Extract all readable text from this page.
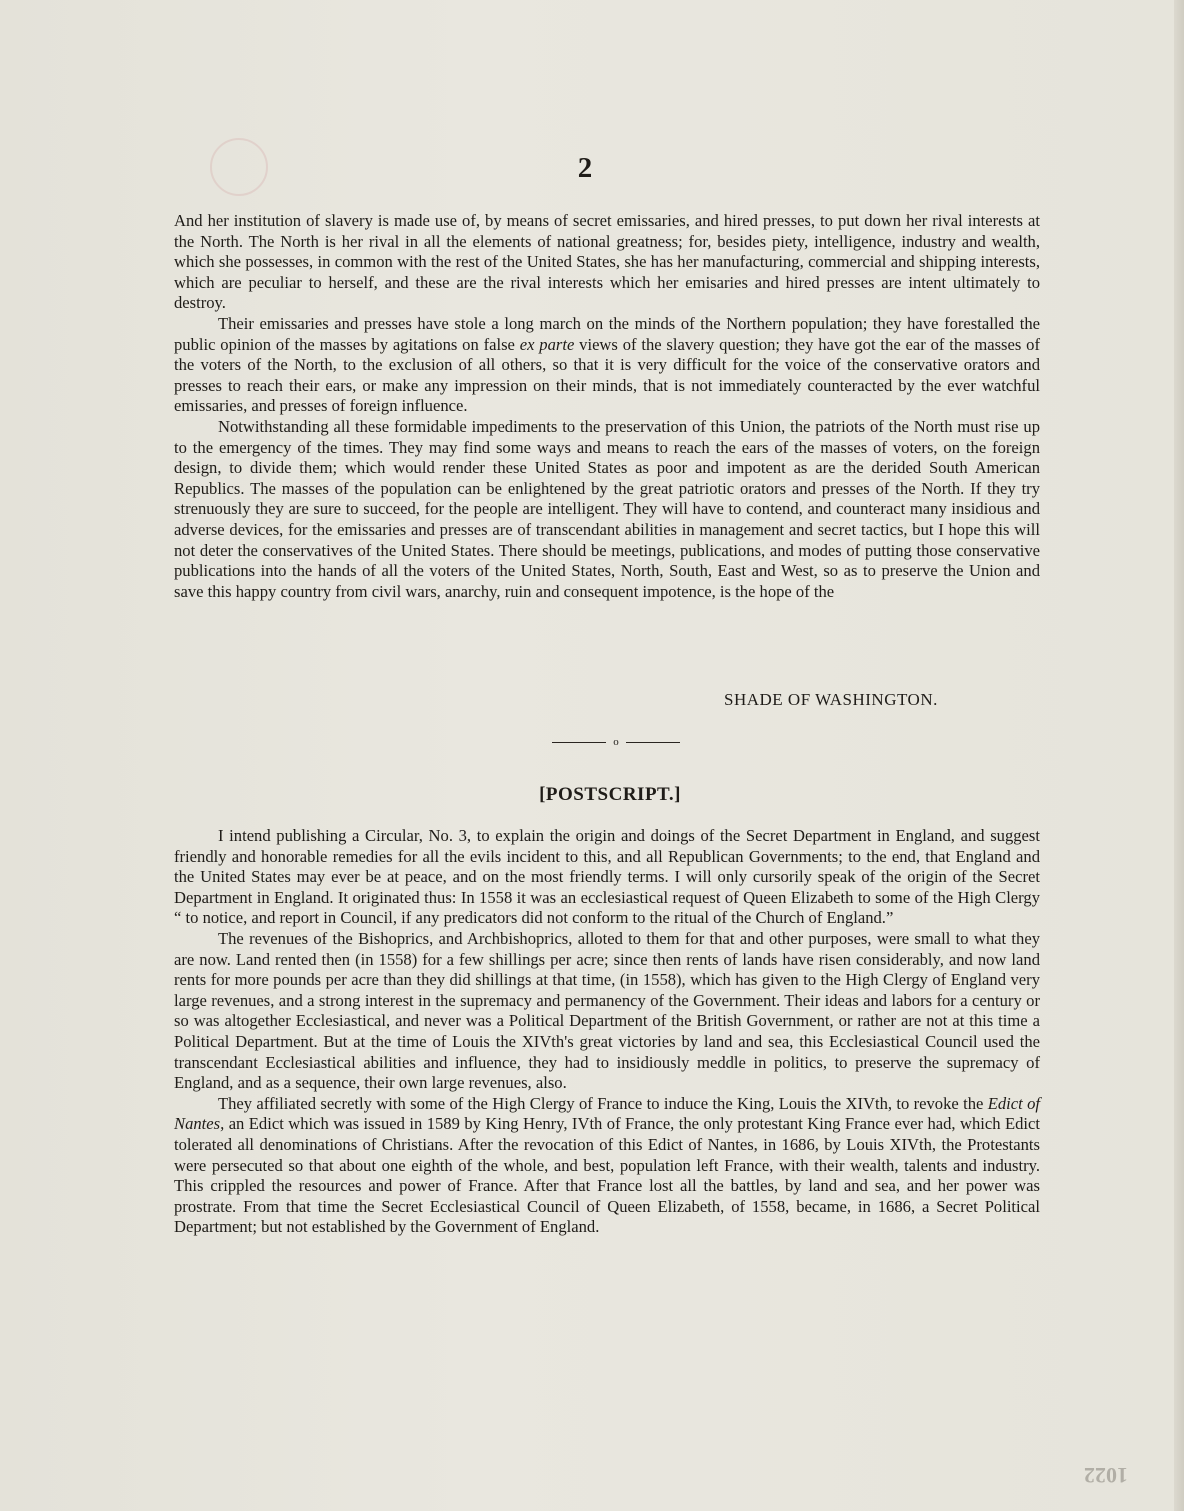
2

And her institution of slavery is made use of, by means of secret emissaries, and hired presses, to put down her rival interests at the North. The North is her rival in all the elements of national greatness; for, besides piety, intelligence, industry and wealth, which she possesses, in common with the rest of the United States, she has her manufacturing, commercial and shipping interests, which are peculiar to herself, and these are the rival interests which her emisaries and hired presses are intent ultimately to destroy.

Their emissaries and presses have stole a long march on the minds of the Northern population; they have forestalled the public opinion of the masses by agitations on false ex parte views of the slavery question; they have got the ear of the masses of the voters of the North, to the exclusion of all others, so that it is very difficult for the voice of the conservative orators and presses to reach their ears, or make any impression on their minds, that is not immediately counteracted by the ever watchful emissaries, and presses of foreign influence.

Notwithstanding all these formidable impediments to the preservation of this Union, the patriots of the North must rise up to the emergency of the times. They may find some ways and means to reach the ears of the masses of voters, on the foreign design, to divide them; which would render these United States as poor and impotent as are the derided South American Republics. The masses of the population can be enlightened by the great patriotic orators and presses of the North. If they try strenuously they are sure to succeed, for the people are intelligent. They will have to contend, and counteract many insidious and adverse devices, for the emissaries and presses are of transcendant abilities in management and secret tactics, but I hope this will not deter the conservatives of the United States. There should be meetings, publications, and modes of putting those conservative publications into the hands of all the voters of the United States, North, South, East and West, so as to preserve the Union and save this happy country from civil wars, anarchy, ruin and consequent impotence, is the hope of the

SHADE OF WASHINGTON.
o
[POSTSCRIPT.]

I intend publishing a Circular, No. 3, to explain the origin and doings of the Secret Department in England, and suggest friendly and honorable remedies for all the evils incident to this, and all Republican Governments; to the end, that England and the United States may ever be at peace, and on the most friendly terms. I will only cursorily speak of the origin of the Secret Department in England. It originated thus: In 1558 it was an ecclesiastical request of Queen Elizabeth to some of the High Clergy “ to notice, and report in Council, if any predicators did not conform to the ritual of the Church of England.”

The revenues of the Bishoprics, and Archbishoprics, alloted to them for that and other purposes, were small to what they are now. Land rented then (in 1558) for a few shillings per acre; since then rents of lands have risen considerably, and now land rents for more pounds per acre than they did shillings at that time, (in 1558), which has given to the High Clergy of England very large revenues, and a strong interest in the supremacy and permanency of the Government. Their ideas and labors for a century or so was altogether Ecclesiastical, and never was a Political Department of the British Government, or rather are not at this time a Political Department. But at the time of Louis the XIVth's great victories by land and sea, this Ecclesiastical Council used the transcendant Ecclesiastical abilities and influence, they had to insidiously meddle in politics, to preserve the supremacy of England, and as a sequence, their own large revenues, also.

They affiliated secretly with some of the High Clergy of France to induce the King, Louis the XIVth, to revoke the Edict of Nantes, an Edict which was issued in 1589 by King Henry, IVth of France, the only protestant King France ever had, which Edict tolerated all denominations of Christians. After the revocation of this Edict of Nantes, in 1686, by Louis XIVth, the Protestants were persecuted so that about one eighth of the whole, and best, population left France, with their wealth, talents and industry. This crippled the resources and power of France. After that France lost all the battles, by land and sea, and her power was prostrate. From that time the Secret Ecclesiastical Council of Queen Elizabeth, of 1558, became, in 1686, a Secret Political Department; but not established by the Government of England.

1022
